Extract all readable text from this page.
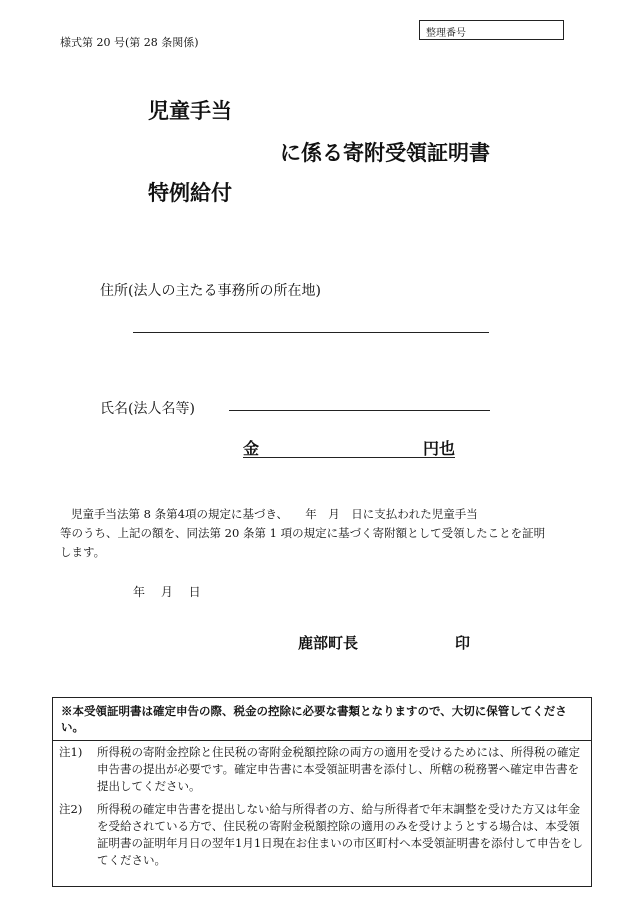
様式第 20 号(第 28 条関係)
整理番号
児童手当
に係る寄附受領証明書
特例給付
住所(法人の主たる事務所の所在地)
氏名(法人名等)
金	円也

児童手当法第 8 条第4項の規定に基づき、　　年　月　日に支払われた児童手当

等のうち、上記の額を、同法第 20 条第 1 項の規定に基づく寄附額として受領したことを証明

します。

年 月 日
鹿部町長	印
※本受領証明書は確定申告の際、税金の控除に必要な書類となりますので、大切に保管してください。
注1) 所得税の寄附金控除と住民税の寄附金税額控除の両方の適用を受けるためには、所得税の確定申告書の提出が必要です。確定申告書に本受領証明書を添付し、所轄の税務署へ確定申告書を提出してください。
注2) 所得税の確定申告書を提出しない給与所得者の方、給与所得者で年末調整を受けた方又は年金を受給されている方で、住民税の寄附金税額控除の適用のみを受けようとする場合は、本受領証明書の証明年月日の翌年1月1日現在お住まいの市区町村へ本受領証明書を添付して申告をしてください。
